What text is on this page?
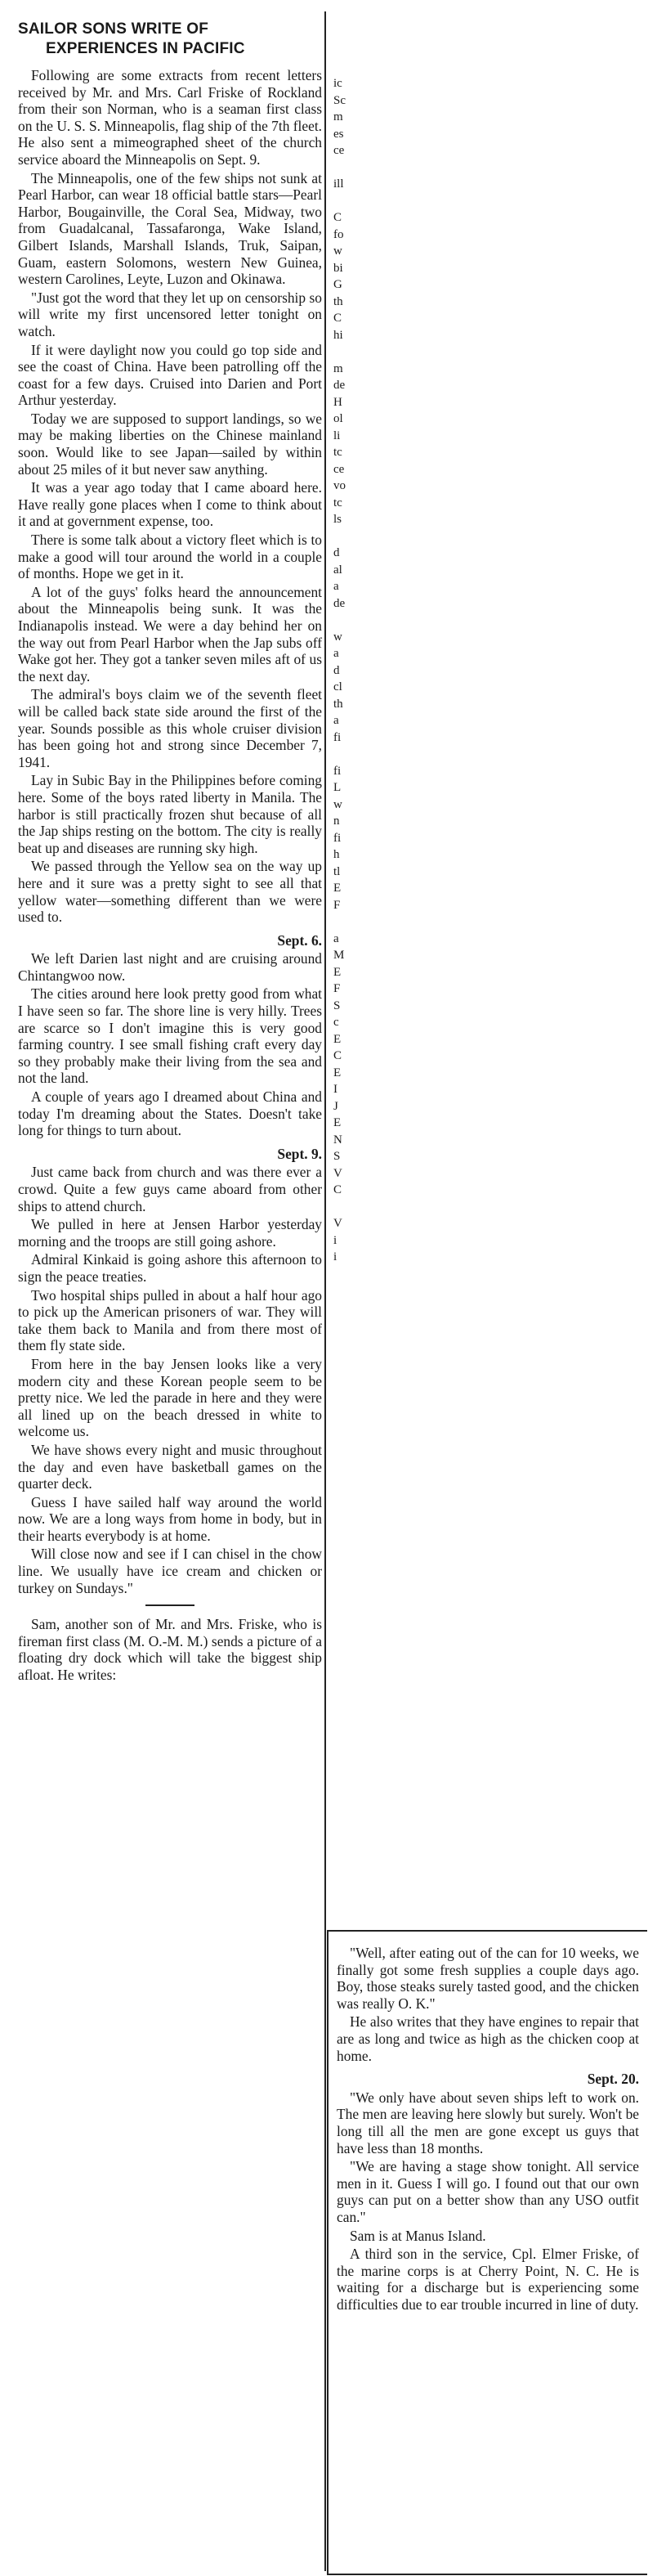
SAILOR SONS WRITE OF
EXPERIENCES IN PACIFIC

Following are some extracts from recent letters received by Mr. and Mrs. Carl Friske of Rockland from their son Norman, who is a seaman first class on the U. S. S. Minneapolis, flag ship of the 7th fleet. He also sent a mimeographed sheet of the church service aboard the Minneapolis on Sept. 9.

The Minneapolis, one of the few ships not sunk at Pearl Harbor, can wear 18 official battle stars—Pearl Harbor, Bougainville, the Coral Sea, Midway, two from Guadalcanal, Tassafaronga, Wake Island, Gilbert Islands, Marshall Islands, Truk, Saipan, Guam, eastern Solomons, western New Guinea, western Carolines, Leyte, Luzon and Okinawa.

"Just got the word that they let up on censorship so will write my first uncensored letter tonight on watch.

If it were daylight now you could go top side and see the coast of China. Have been patrolling off the coast for a few days. Cruised into Darien and Port Arthur yesterday.

Today we are supposed to support landings, so we may be making liberties on the Chinese mainland soon. Would like to see Japan—sailed by within about 25 miles of it but never saw anything.

It was a year ago today that I came aboard here. Have really gone places when I come to think about it and at government expense, too.

There is some talk about a victory fleet which is to make a good will tour around the world in a couple of months. Hope we get in it.

A lot of the guys' folks heard the announcement about the Minneapolis being sunk. It was the Indianapolis instead. We were a day behind her on the way out from Pearl Harbor when the Jap subs off Wake got her. They got a tanker seven miles aft of us the next day.

The admiral's boys claim we of the seventh fleet will be called back state side around the first of the year. Sounds possible as this whole cruiser division has been going hot and strong since December 7, 1941.

Lay in Subic Bay in the Philippines before coming here. Some of the boys rated liberty in Manila. The harbor is still practically frozen shut because of all the Jap ships resting on the bottom. The city is really beat up and diseases are running sky high.

We passed through the Yellow sea on the way up here and it sure was a pretty sight to see all that yellow water—something different than we were used to.

Sept. 6.

We left Darien last night and are cruising around Chintangwoo now.

The cities around here look pretty good from what I have seen so far. The shore line is very hilly. Trees are scarce so I don't imagine this is very good farming country. I see small fishing craft every day so they probably make their living from the sea and not the land.

A couple of years ago I dreamed about China and today I'm dreaming about the States. Doesn't take long for things to turn about.

Sept. 9.

Just came back from church and was there ever a crowd. Quite a few guys came aboard from other ships to attend church.

We pulled in here at Jensen Harbor yesterday morning and the troops are still going ashore.

Admiral Kinkaid is going ashore this afternoon to sign the peace treaties.

Two hospital ships pulled in about a half hour ago to pick up the American prisoners of war. They will take them back to Manila and from there most of them fly state side.

From here in the bay Jensen looks like a very modern city and these Korean people seem to be pretty nice. We led the parade in here and they were all lined up on the beach dressed in white to welcome us.

We have shows every night and music throughout the day and even have basketball games on the quarter deck.

Guess I have sailed half way around the world now. We are a long ways from home in body, but in their hearts everybody is at home.

Will close now and see if I can chisel in the chow line. We usually have ice cream and chicken or turkey on Sundays."

Sam, another son of Mr. and Mrs. Friske, who is fireman first class (M. O.-M. M.) sends a picture of a floating dry dock which will take the biggest ship afloat. He writes:

ic
Sc
m
es
ce
ill
C
fo
w
bi
G
th
C
hi
m
de
H
ol
li
tc
ce
vo
tc
ls
d
al
a
de
w
a
d
cl
th
a
fi
fi
L
w
n
fi
h
tl
E
F
a
M
E
F
S
c
E
C
E
I
J
E
N
S
V
C
V
i
i

"Well, after eating out of the can for 10 weeks, we finally got some fresh supplies a couple days ago. Boy, those steaks surely tasted good, and the chicken was really O. K."

He also writes that they have engines to repair that are as long and twice as high as the chicken coop at home.

Sept. 20.

"We only have about seven ships left to work on. The men are leaving here slowly but surely. Won't be long till all the men are gone except us guys that have less than 18 months.

"We are having a stage show tonight. All service men in it. Guess I will go. I found out that our own guys can put on a better show than any USO outfit can."

Sam is at Manus Island.

A third son in the service, Cpl. Elmer Friske, of the marine corps is at Cherry Point, N. C. He is waiting for a discharge but is experiencing some difficulties due to ear trouble incurred in line of duty.
